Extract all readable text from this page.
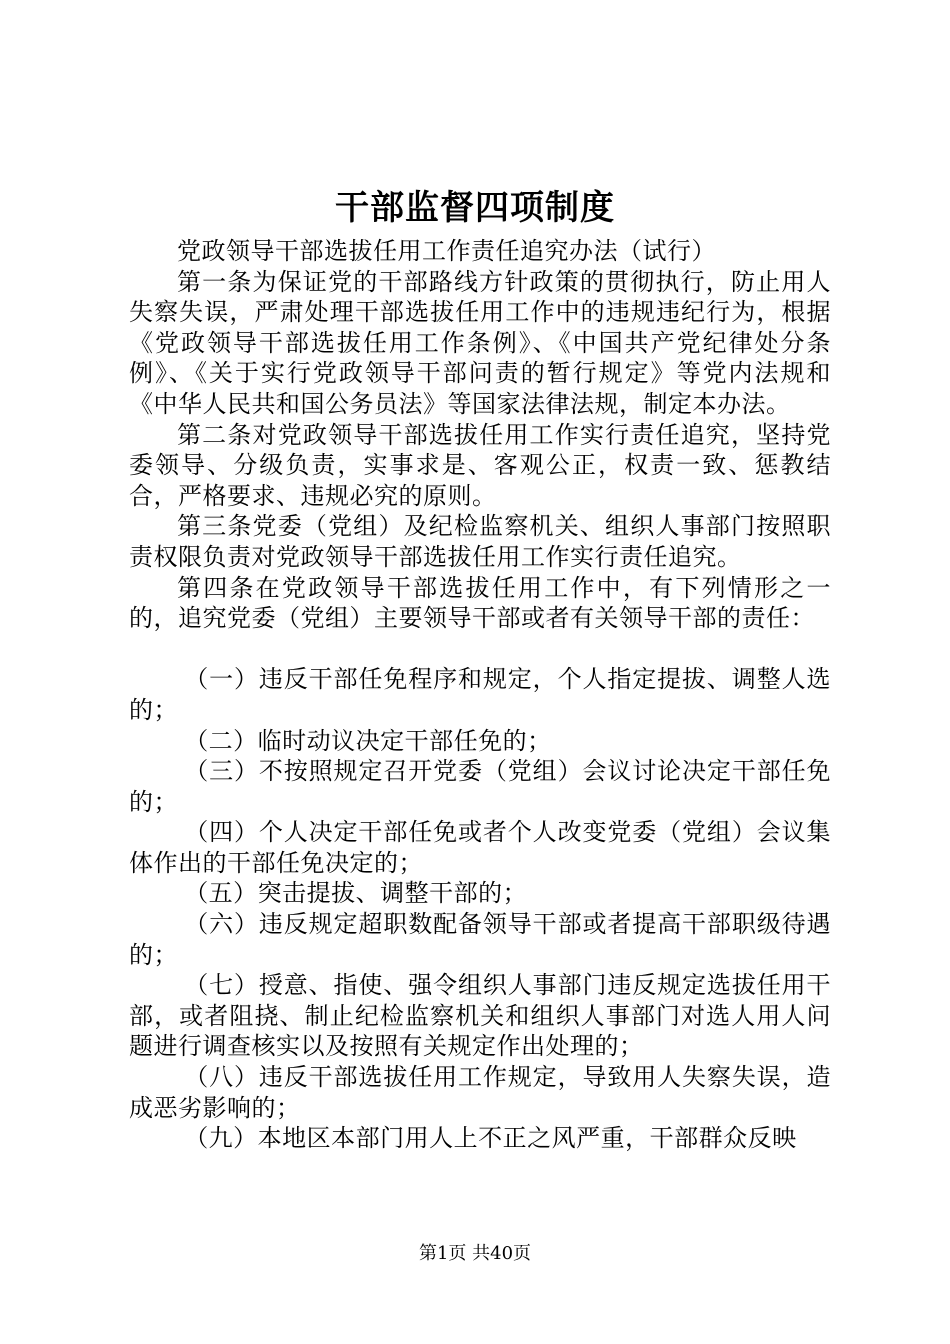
干部监督四项制度

党政领导干部选拔任用工作责任追究办法（试行）

第一条为保证党的干部路线方针政策的贯彻执行，防止用人失察失误，严肃处理干部选拔任用工作中的违规违纪行为，根据《党政领导干部选拔任用工作条例》、《中国共产党纪律处分条例》、《关于实行党政领导干部问责的暂行规定》等党内法规和《中华人民共和国公务员法》等国家法律法规，制定本办法。

第二条对党政领导干部选拔任用工作实行责任追究，坚持党委领导、分级负责，实事求是、客观公正，权责一致、惩教结合，严格要求、违规必究的原则。

第三条党委（党组）及纪检监察机关、组织人事部门按照职责权限负责对党政领导干部选拔任用工作实行责任追究。

第四条在党政领导干部选拔任用工作中，有下列情形之一的，追究党委（党组）主要领导干部或者有关领导干部的责任：

（一）违反干部任免程序和规定，个人指定提拔、调整人选的；

（二）临时动议决定干部任免的；

（三）不按照规定召开党委（党组）会议讨论决定干部任免的；

（四）个人决定干部任免或者个人改变党委（党组）会议集体作出的干部任免决定的；

（五）突击提拔、调整干部的；

（六）违反规定超职数配备领导干部或者提高干部职级待遇的；

（七）授意、指使、强令组织人事部门违反规定选拔任用干部，或者阻挠、制止纪检监察机关和组织人事部门对选人用人问题进行调查核实以及按照有关规定作出处理的；

（八）违反干部选拔任用工作规定，导致用人失察失误，造成恶劣影响的；

（九）本地区本部门用人上不正之风严重，干部群众反映

第1页 共40页
